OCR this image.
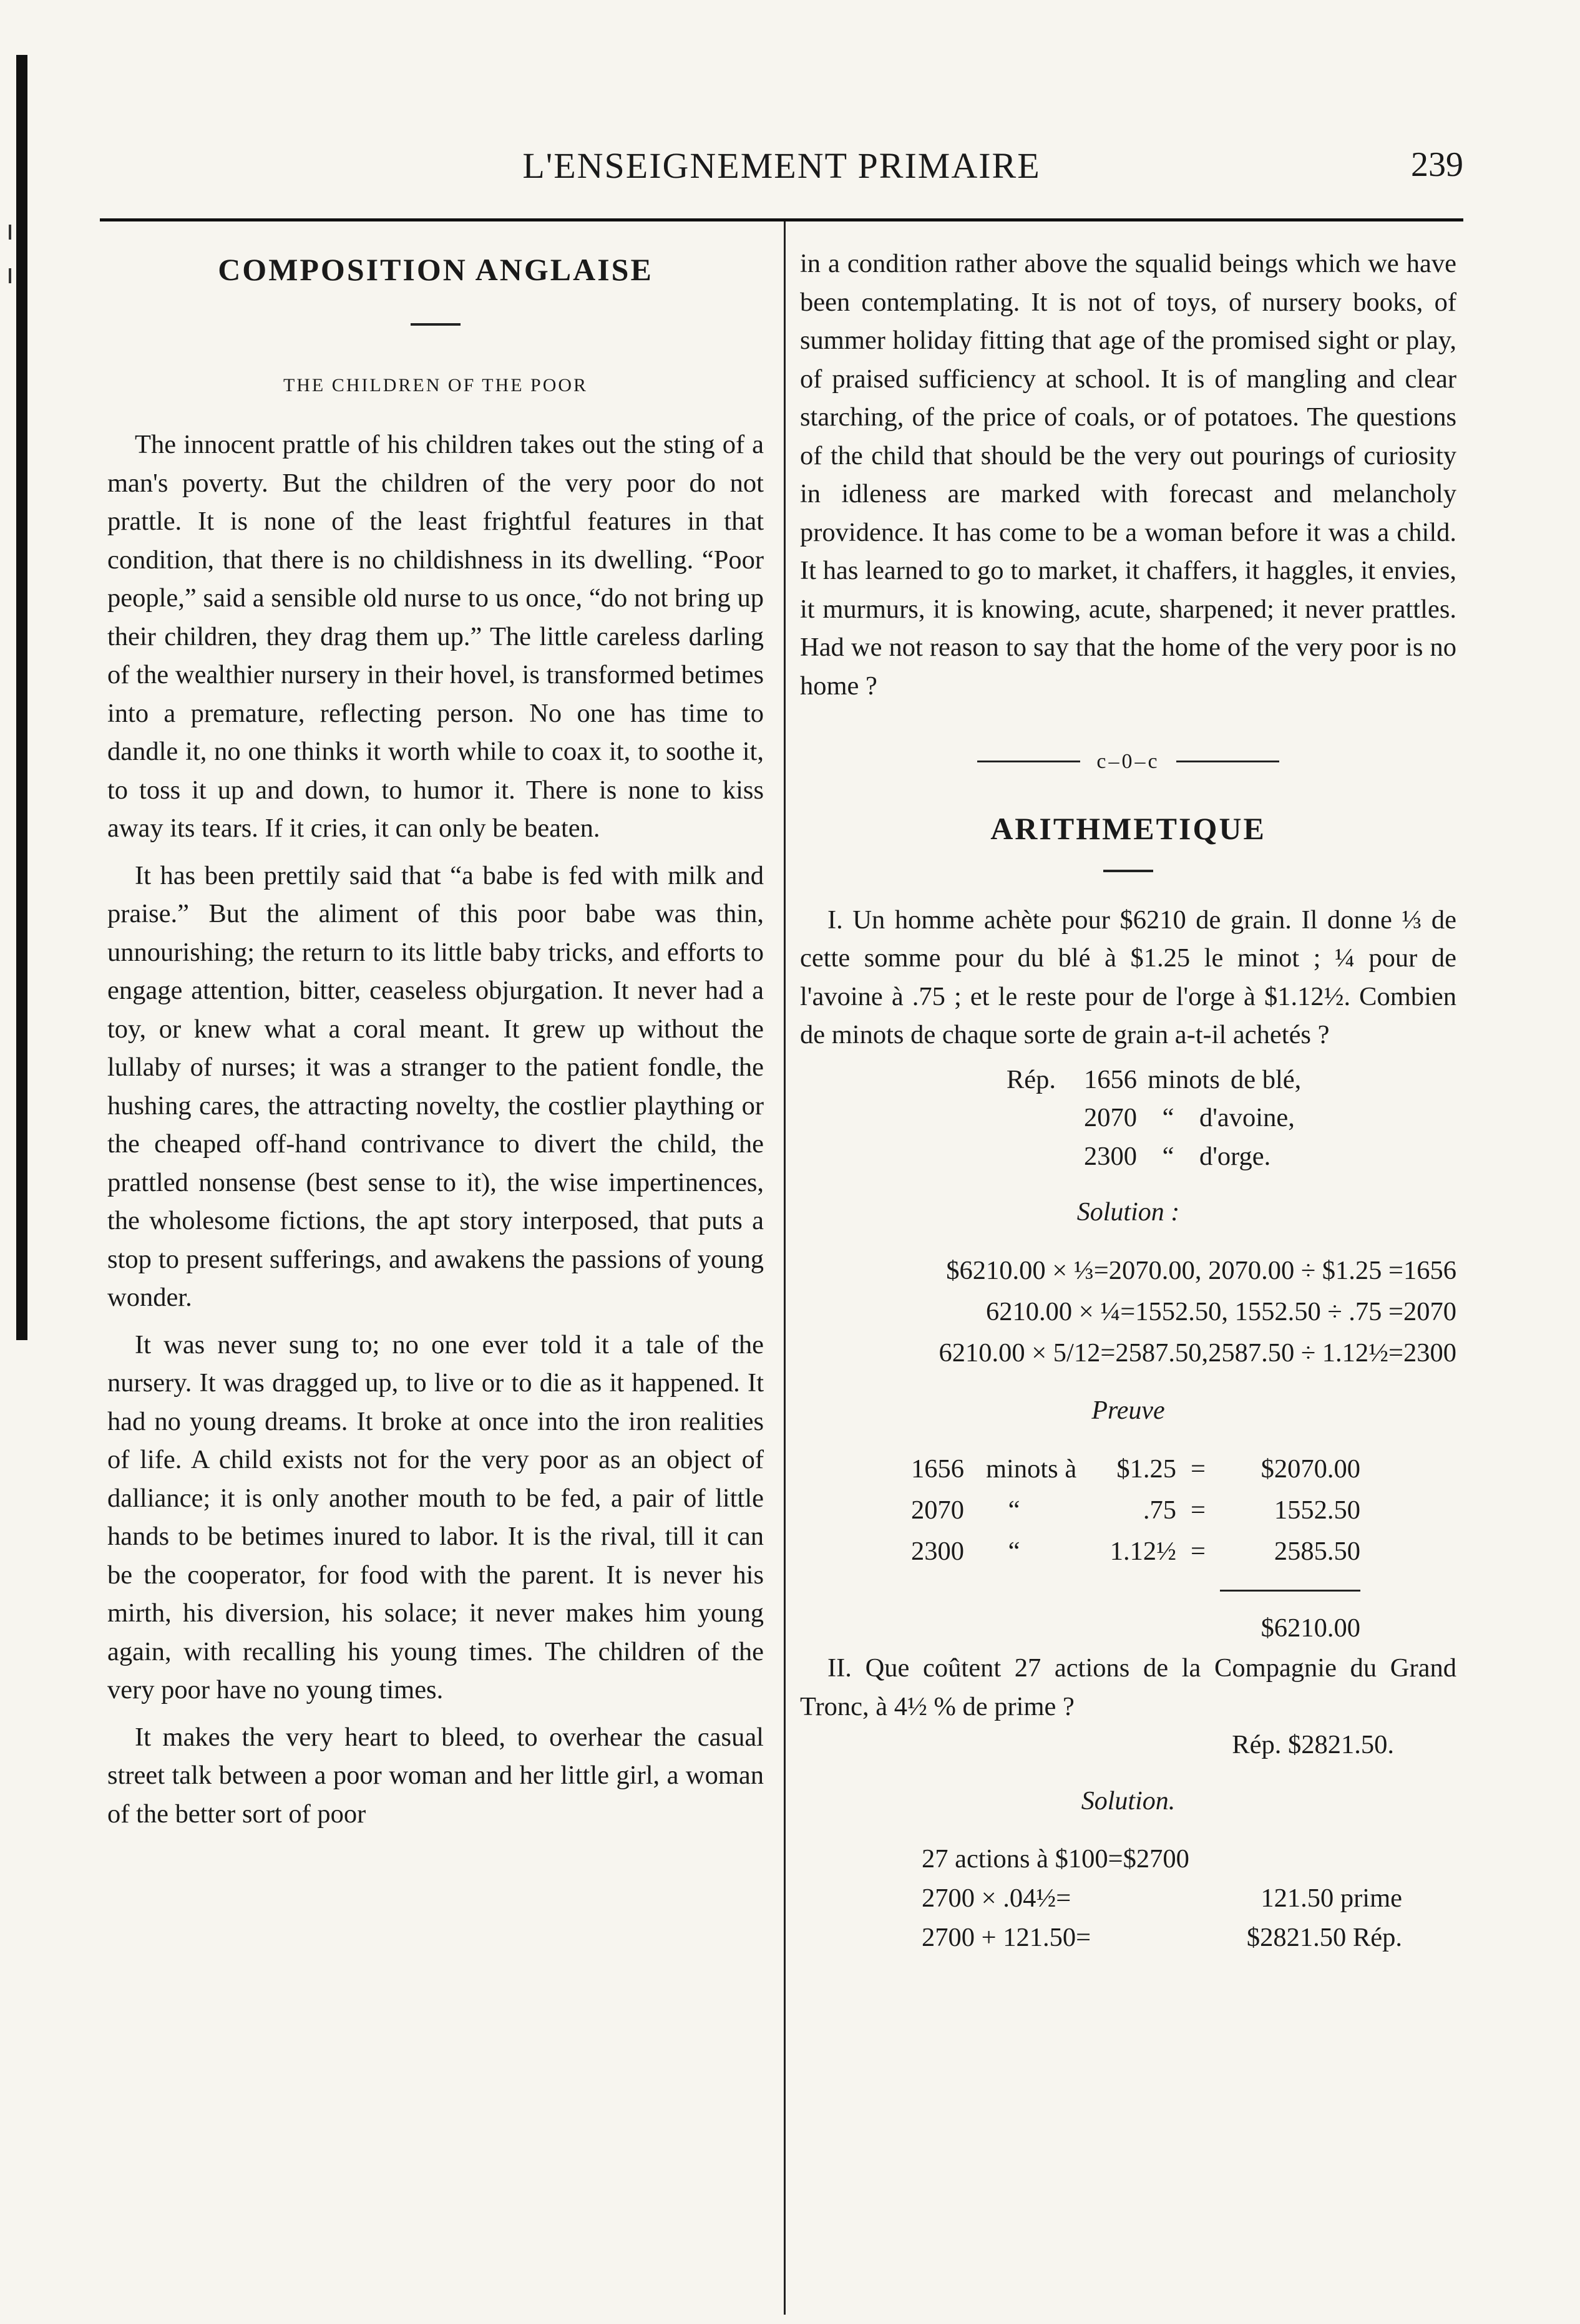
L'ENSEIGNEMENT PRIMAIRE	239
COMPOSITION ANGLAISE
THE CHILDREN OF THE POOR

The innocent prattle of his children takes out the sting of a man's poverty. But the children of the very poor do not prattle. It is none of the least frightful features in that condition, that there is no childishness in its dwelling. “Poor people,” said a sensible old nurse to us once, “do not bring up their children, they drag them up.” The little careless darling of the wealthier nursery in their hovel, is transformed betimes into a premature, reflecting person. No one has time to dandle it, no one thinks it worth while to coax it, to soothe it, to toss it up and down, to humor it. There is none to kiss away its tears. If it cries, it can only be beaten.

It has been prettily said that “a babe is fed with milk and praise.” But the aliment of this poor babe was thin, unnourishing; the return to its little baby tricks, and efforts to engage attention, bitter, ceaseless objurgation. It never had a toy, or knew what a coral meant. It grew up without the lullaby of nurses; it was a stranger to the patient fondle, the hushing cares, the attracting novelty, the costlier plaything or the cheaped off-hand contrivance to divert the child, the prattled nonsense (best sense to it), the wise impertinences, the wholesome fictions, the apt story interposed, that puts a stop to present sufferings, and awakens the passions of young wonder.

It was never sung to; no one ever told it a tale of the nursery. It was dragged up, to live or to die as it happened. It had no young dreams. It broke at once into the iron realities of life. A child exists not for the very poor as an object of dalliance; it is only another mouth to be fed, a pair of little hands to be betimes inured to labor. It is the rival, till it can be the cooperator, for food with the parent. It is never his mirth, his diversion, his solace; it never makes him young again, with recalling his young times. The children of the very poor have no young times.

It makes the very heart to bleed, to overhear the casual street talk between a poor woman and her little girl, a woman of the better sort of poor

in a condition rather above the squalid beings which we have been contemplating. It is not of toys, of nursery books, of summer holiday fitting that age of the promised sight or play, of praised sufficiency at school. It is of mangling and clear starching, of the price of coals, or of potatoes. The questions of the child that should be the very out pourings of curiosity in idleness are marked with forecast and melancholy providence. It has come to be a woman before it was a child. It has learned to go to market, it chaffers, it haggles, it envies, it murmurs, it is knowing, acute, sharpened; it never prattles. Had we not reason to say that the home of the very poor is no home ?

c–0–c
ARITHMETIQUE

I. Un homme achète pour $6210 de grain. Il donne ⅓ de cette somme pour du blé à $1.25 le minot ; ¼ pour de l'avoine à .75 ; et le reste pour de l'orge à $1.12½. Combien de minots de chaque sorte de grain a-t-il achetés ?

Rép.	1656 minots de blé,
2070 “ d'avoine,
2300 “ d'orge.
Solution :
$6210.00 × ⅓=2070.00, 2070.00 ÷ $1.25 =1656
6210.00 × ¼=1552.50, 1552.50 ÷ .75 =2070
6210.00 × 5/12=2587.50,2587.50 ÷ 1.12½=2300
Preuve
1656 minots à	$1.25 =	$2070.00
2070	“	.75 =	1552.50
2300	“	1.12½ =	2585.50
$6210.00

II. Que coûtent 27 actions de la Compagnie du Grand Tronc, à 4½ % de prime ?

Rép. $2821.50.
Solution.
27 actions à $100=$2700
2700 × .04½=	121.50 prime
2700 + 121.50=	$2821.50 Rép.
